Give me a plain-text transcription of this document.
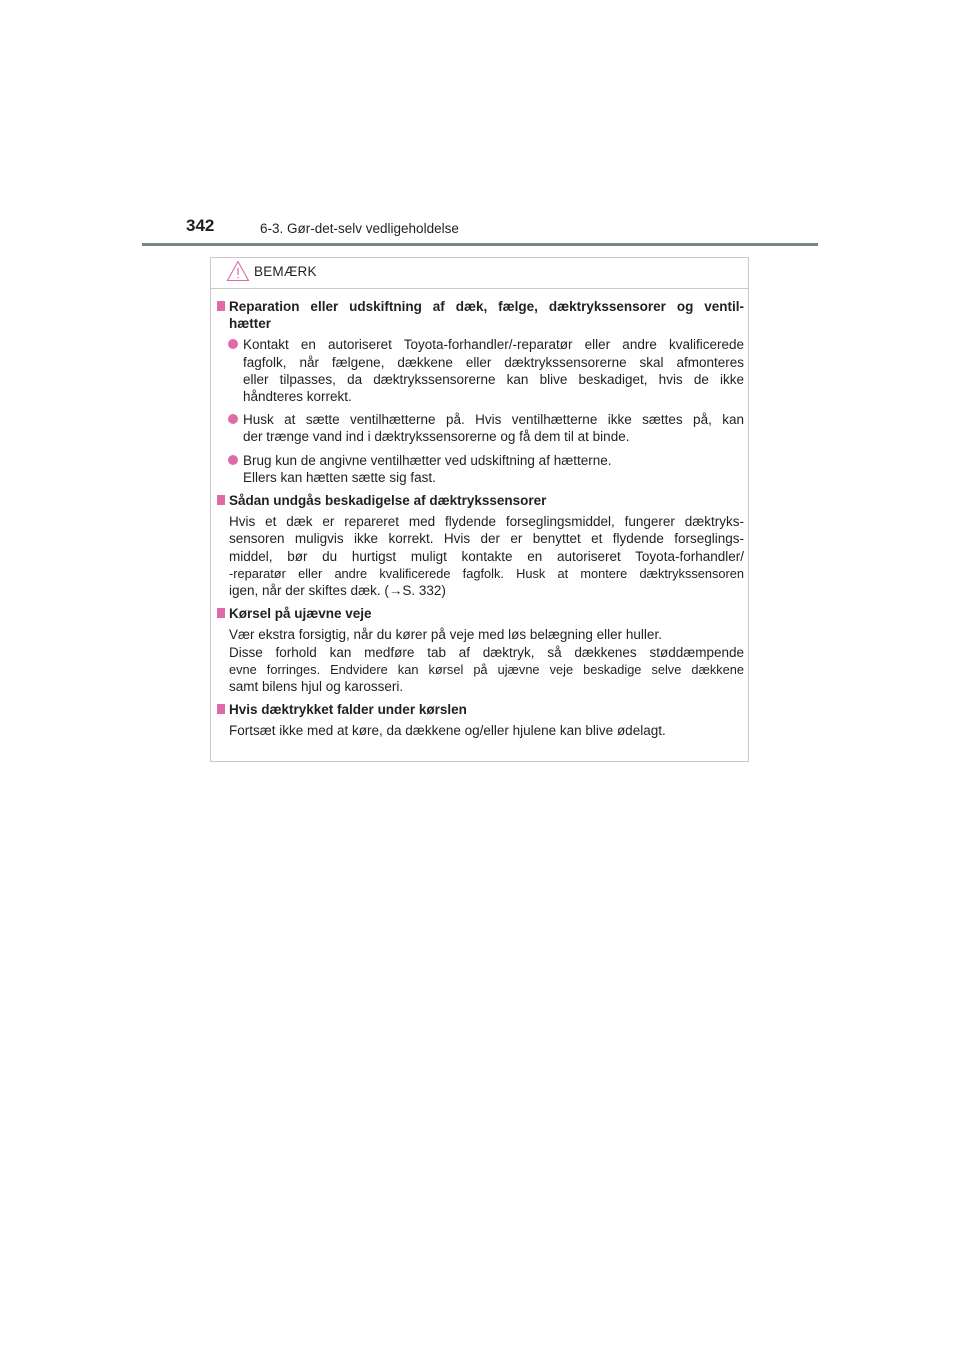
342	6-3. Gør-det-selv vedligeholdelse
BEMÆRK
Reparation eller udskiftning af dæk, fælge, dæktrykssensorer og ventil-
hætter
Kontakt en autoriseret Toyota-forhandler/-reparatør eller andre kvalificerede
fagfolk, når fælgene, dækkene eller dæktrykssensorerne skal afmonteres
eller tilpasses, da dæktrykssensorerne kan blive beskadiget, hvis de ikke
håndteres korrekt.
Husk at sætte ventilhætterne på. Hvis ventilhætterne ikke sættes på, kan
der trænge vand ind i dæktrykssensorerne og få dem til at binde.
Brug kun de angivne ventilhætter ved udskiftning af hætterne.
Ellers kan hætten sætte sig fast.
Sådan undgås beskadigelse af dæktrykssensorer
Hvis et dæk er repareret med flydende forseglingsmiddel, fungerer dæktryks-
sensoren muligvis ikke korrekt. Hvis der er benyttet et flydende forseglings-
middel, bør du hurtigst muligt kontakte en autoriseret Toyota-forhandler/
-reparatør eller andre kvalificerede fagfolk. Husk at montere dæktrykssensoren
igen, når der skiftes dæk. (→S. 332)
Kørsel på ujævne veje
Vær ekstra forsigtig, når du kører på veje med løs belægning eller huller.
Disse forhold kan medføre tab af dæktryk, så dækkenes støddæmpende
evne forringes. Endvidere kan kørsel på ujævne veje beskadige selve dækkene
samt bilens hjul og karosseri.
Hvis dæktrykket falder under kørslen
Fortsæt ikke med at køre, da dækkene og/eller hjulene kan blive ødelagt.
